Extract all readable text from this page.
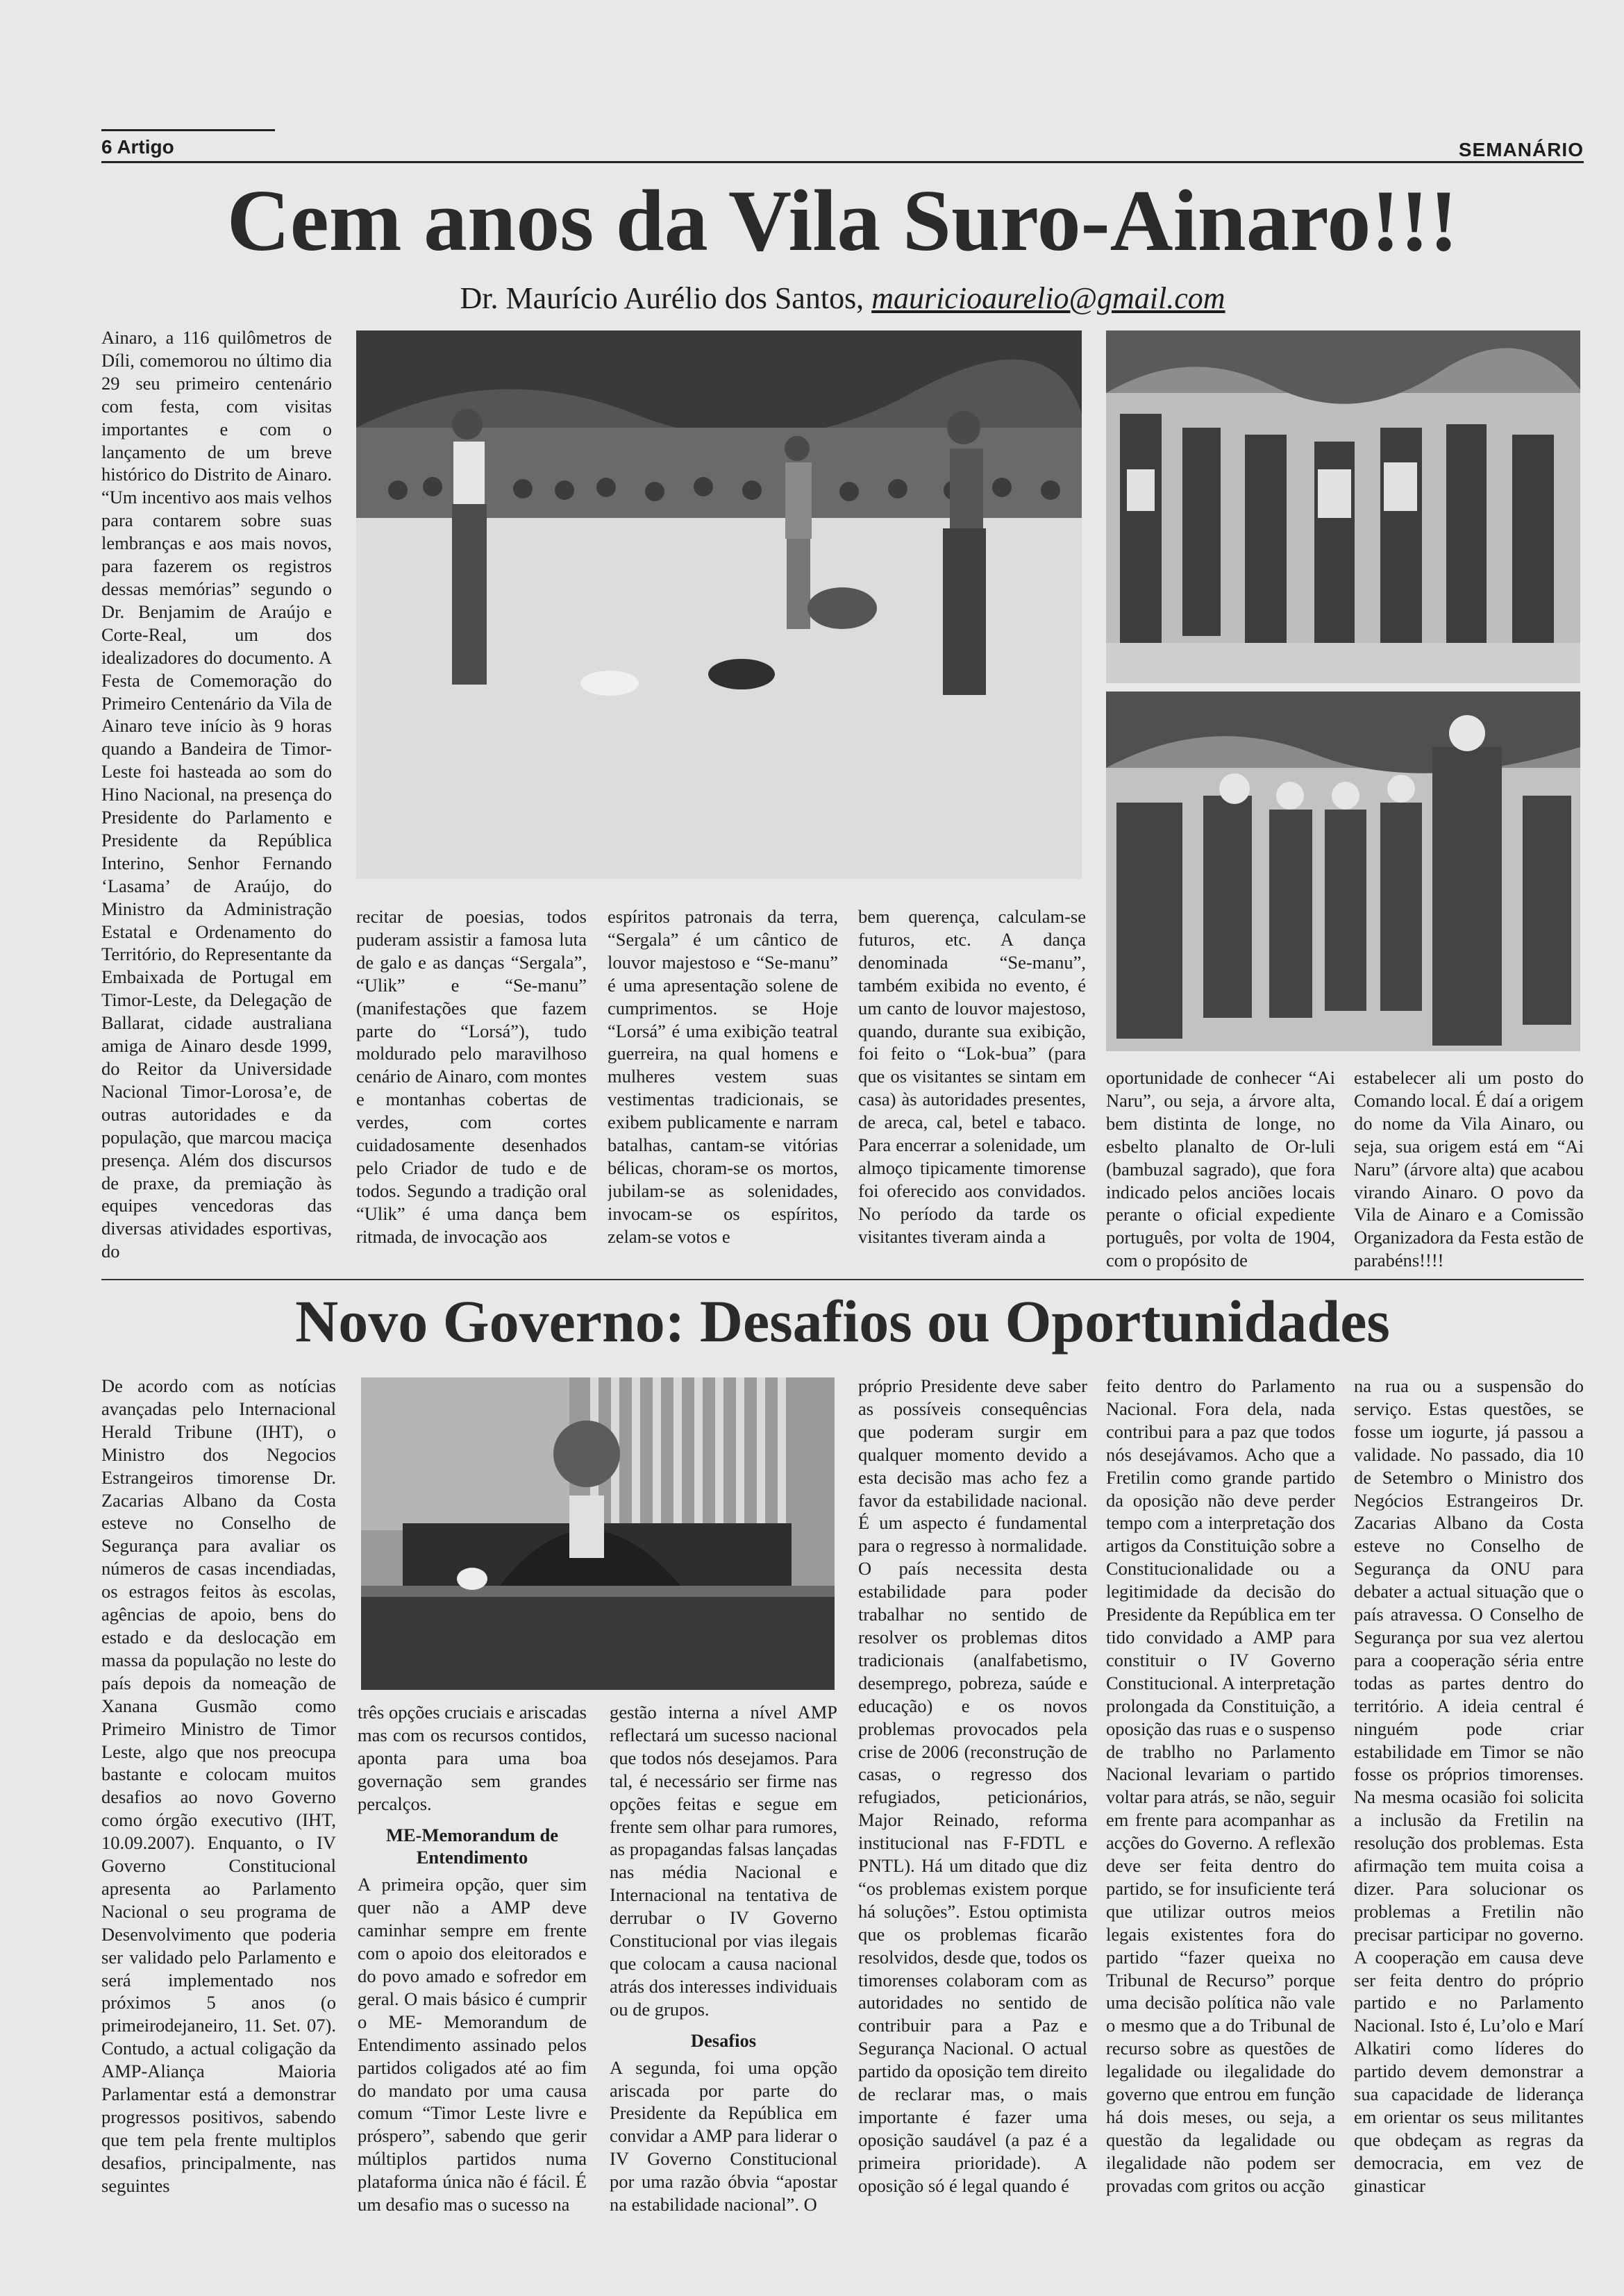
6 Artigo	SEMANÁRIO
Cem anos da Vila Suro-Ainaro!!!
Dr. Maurício Aurélio dos Santos, mauricioaurelio@gmail.com

Ainaro, a 116 quilômetros de Díli, comemorou no último dia 29 seu primeiro centenário com festa, com visitas importantes e com o lançamento de um breve histórico do Distrito de Ainaro. “Um incentivo aos mais velhos para contarem sobre suas lembranças e aos mais novos, para fazerem os registros dessas memórias” segundo o Dr. Benjamim de Araújo e Corte-Real, um dos idealizadores do documento. A Festa de Comemoração do Primeiro Centenário da Vila de Ainaro teve início às 9 horas quando a Bandeira de Timor-Leste foi hasteada ao som do Hino Nacional, na presença do Presidente do Parlamento e Presidente da República Interino, Senhor Fernando ‘Lasama’ de Araújo, do Ministro da Administração Estatal e Ordenamento do Território, do Representante da Embaixada de Portugal em Timor-Leste, da Delegação de Ballarat, cidade australiana amiga de Ainaro desde 1999, do Reitor da Universidade Nacional Timor-Lorosa’e, de outras autoridades e da população, que marcou maciça presença. Além dos discursos de praxe, da premiação às equipes vencedoras das diversas atividades esportivas, do

recitar de poesias, todos puderam assistir a famosa luta de galo e as danças “Sergala”, “Ulik” e “Se-manu” (manifestações que fazem parte do “Lorsá”), tudo moldurado pelo maravilhoso cenário de Ainaro, com montes e montanhas cobertas de verdes, com cortes cuidadosamente desenhados pelo Criador de tudo e de todos. Segundo a tradição oral “Ulik” é uma dança bem ritmada, de invocação aos

espíritos patronais da terra, “Sergala” é um cântico de louvor majestoso e “Se-manu” é uma apresentação solene de cumprimentos. se Hoje “Lorsá” é uma exibição teatral guerreira, na qual homens e mulheres vestem suas vestimentas tradicionais, se exibem publicamente e narram batalhas, cantam-se vitórias bélicas, choram-se os mortos, jubilam-se as solenidades, invocam-se os espíritos, zelam-se votos e

bem querença, calculam-se futuros, etc. A dança denominada “Se-manu”, também exibida no evento, é um canto de louvor majestoso, quando, durante sua exibição, foi feito o “Lok-bua” (para que os visitantes se sintam em casa) às autoridades presentes, de areca, cal, betel e tabaco. Para encerrar a solenidade, um almoço tipicamente timorense foi oferecido aos convidados. No período da tarde os visitantes tiveram ainda a

oportunidade de conhecer “Ai Naru”, ou seja, a árvore alta, bem distinta de longe, no esbelto planalto de Or-luli (bambuzal sagrado), que fora indicado pelos anciões locais perante o oficial expediente português, por volta de 1904, com o propósito de

estabelecer ali um posto do Comando local. É daí a origem do nome da Vila Ainaro, ou seja, sua origem está em “Ai Naru” (árvore alta) que acabou virando Ainaro. O povo da Vila de Ainaro e a Comissão Organizadora da Festa estão de parabéns!!!!

Novo Governo: Desafios ou Oportunidades

De acordo com as notícias avançadas pelo Internacional Herald Tribune (IHT), o Ministro dos Negocios Estrangeiros timorense Dr. Zacarias Albano da Costa esteve no Conselho de Segurança para avaliar os números de casas incendiadas, os estragos feitos às escolas, agências de apoio, bens do estado e da deslocação em massa da população no leste do país depois da nomeação de Xanana Gusmão como Primeiro Ministro de Timor Leste, algo que nos preocupa bastante e colocam muitos desafios ao novo Governo como órgão executivo (IHT, 10.09.2007). Enquanto, o IV Governo Constitucional apresenta ao Parlamento Nacional o seu programa de Desenvolvimento que poderia ser validado pelo Parlamento e será implementado nos próximos 5 anos (o primeirodejaneiro, 11. Set. 07). Contudo, a actual coligação da AMP-Aliança Maioria Parlamentar está a demonstrar progressos positivos, sabendo que tem pela frente multiplos desafios, principalmente, nas seguintes

três opções cruciais e ariscadas mas com os recursos contidos, aponta para uma boa governação sem grandes percalços.

ME-Memorandum de Entendimento

A primeira opção, quer sim quer não a AMP deve caminhar sempre em frente com o apoio dos eleitorados e do povo amado e sofredor em geral. O mais básico é cumprir o ME- Memorandum de Entendimento assinado pelos partidos coligados até ao fim do mandato por uma causa comum “Timor Leste livre e próspero”, sabendo que gerir múltiplos partidos numa plataforma única não é fácil. É um desafio mas o sucesso na

gestão interna a nível AMP reflectará um sucesso nacional que todos nós desejamos. Para tal, é necessário ser firme nas opções feitas e segue em frente sem olhar para rumores, as propagandas falsas lançadas nas média Nacional e Internacional na tentativa de derrubar o IV Governo Constitucional por vias ilegais que colocam a causa nacional atrás dos interesses individuais ou de grupos.

Desafios

A segunda, foi uma opção ariscada por parte do Presidente da República em convidar a AMP para liderar o IV Governo Constitucional por uma razão óbvia “apostar na estabilidade nacional”. O

próprio Presidente deve saber as possíveis consequências que poderam surgir em qualquer momento devido a esta decisão mas acho fez a favor da estabilidade nacional. É um aspecto é fundamental para o regresso à normalidade. O país necessita desta estabilidade para poder trabalhar no sentido de resolver os problemas ditos tradicionais (analfabetismo, desemprego, pobreza, saúde e educação) e os novos problemas provocados pela crise de 2006 (reconstrução de casas, o regresso dos refugiados, peticionários, Major Reinado, reforma institucional nas F-FDTL e PNTL). Há um ditado que diz “os problemas existem porque há soluções”. Estou optimista que os problemas ficarão resolvidos, desde que, todos os timorenses colaboram com as autoridades no sentido de contribuir para a Paz e Segurança Nacional. O actual partido da oposição tem direito de reclarar mas, o mais importante é fazer uma oposição saudável (a paz é a primeira prioridade). A oposição só é legal quando é

feito dentro do Parlamento Nacional. Fora dela, nada contribui para a paz que todos nós desejávamos. Acho que a Fretilin como grande partido da oposição não deve perder tempo com a interpretação dos artigos da Constituição sobre a Constitucionalidade ou a legitimidade da decisão do Presidente da República em ter tido convidado a AMP para constituir o IV Governo Constitucional. A interpretação prolongada da Constituição, a oposição das ruas e o suspenso de trablho no Parlamento Nacional levariam o partido voltar para atrás, se não, seguir em frente para acompanhar as acções do Governo. A reflexão deve ser feita dentro do partido, se for insuficiente terá que utilizar outros meios legais existentes fora do partido “fazer queixa no Tribunal de Recurso” porque uma decisão política não vale o mesmo que a do Tribunal de recurso sobre as questões de legalidade ou ilegalidade do governo que entrou em função há dois meses, ou seja, a questão da legalidade ou ilegalidade não podem ser provadas com gritos ou acção

na rua ou a suspensão do serviço. Estas questões, se fosse um iogurte, já passou a validade. No passado, dia 10 de Setembro o Ministro dos Negócios Estrangeiros Dr. Zacarias Albano da Costa esteve no Conselho de Segurança da ONU para debater a actual situação que o país atravessa. O Conselho de Segurança por sua vez alertou para a cooperação séria entre todas as partes dentro do território. A ideia central é ninguém pode criar estabilidade em Timor se não fosse os próprios timorenses. Na mesma ocasião foi solicita a inclusão da Fretilin na resolução dos problemas. Esta afirmação tem muita coisa a dizer. Para solucionar os problemas a Fretilin não precisar participar no governo. A cooperação em causa deve ser feita dentro do próprio partido e no Parlamento Nacional. Isto é, Lu’olo e Marí Alkatiri como líderes do partido devem demonstrar a sua capacidade de liderança em orientar os seus militantes que obdeçam as regras da democracia, em vez de ginasticar
